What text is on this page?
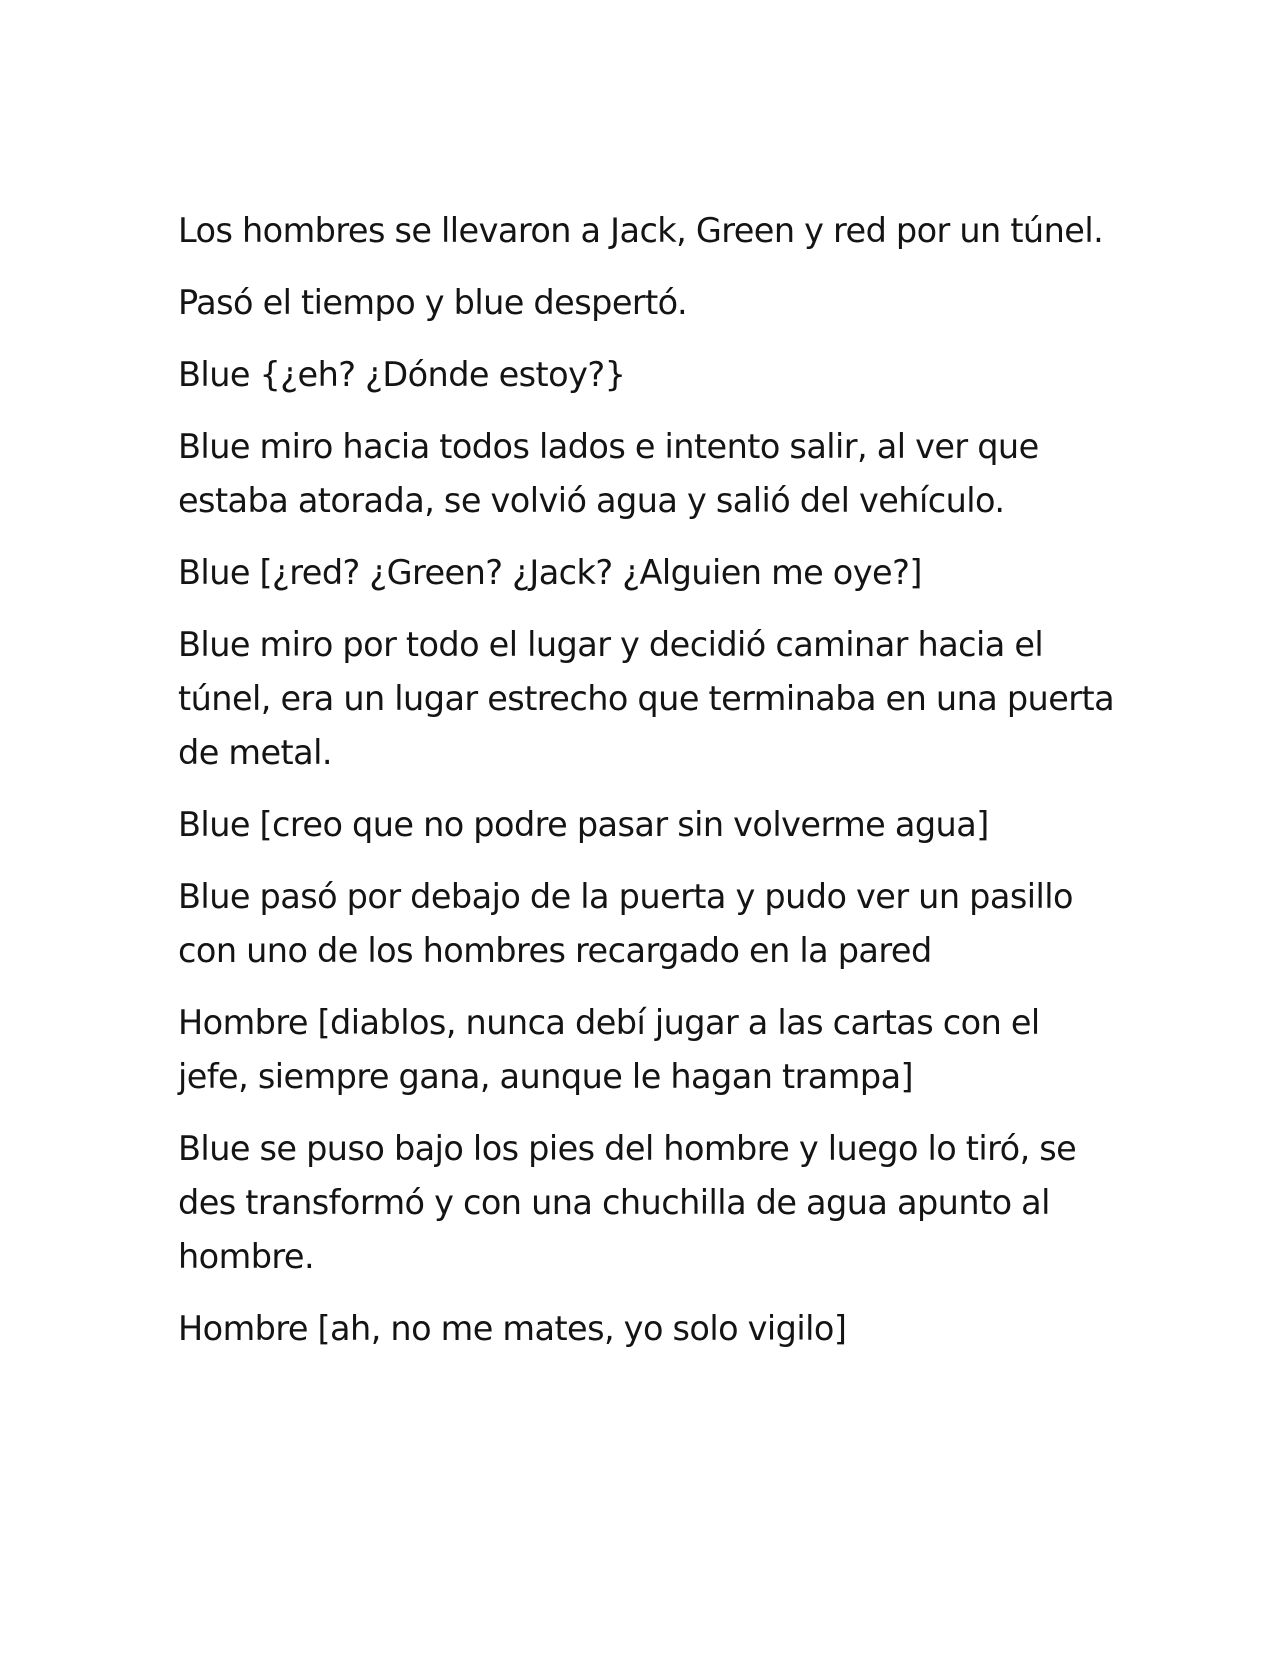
Los hombres se llevaron a Jack, Green y red por un túnel.

Pasó el tiempo y blue despertó.

Blue {¿eh? ¿Dónde estoy?}

Blue miro hacia todos lados e intento salir, al ver que estaba atorada, se volvió agua y salió del vehículo.

Blue [¿red? ¿Green? ¿Jack? ¿Alguien me oye?]

Blue miro por todo el lugar y decidió caminar hacia el túnel, era un lugar estrecho que terminaba en una puerta de metal.

Blue [creo que no podre pasar sin volverme agua]

Blue pasó por debajo de la puerta y pudo ver un pasillo con uno de los hombres recargado en la pared

Hombre [diablos, nunca debí jugar a las cartas con el jefe, siempre gana, aunque le hagan trampa]

Blue se puso bajo los pies del hombre y luego lo tiró, se des transformó y con una chuchilla de agua apunto al hombre.

Hombre [ah, no me mates, yo solo vigilo]
